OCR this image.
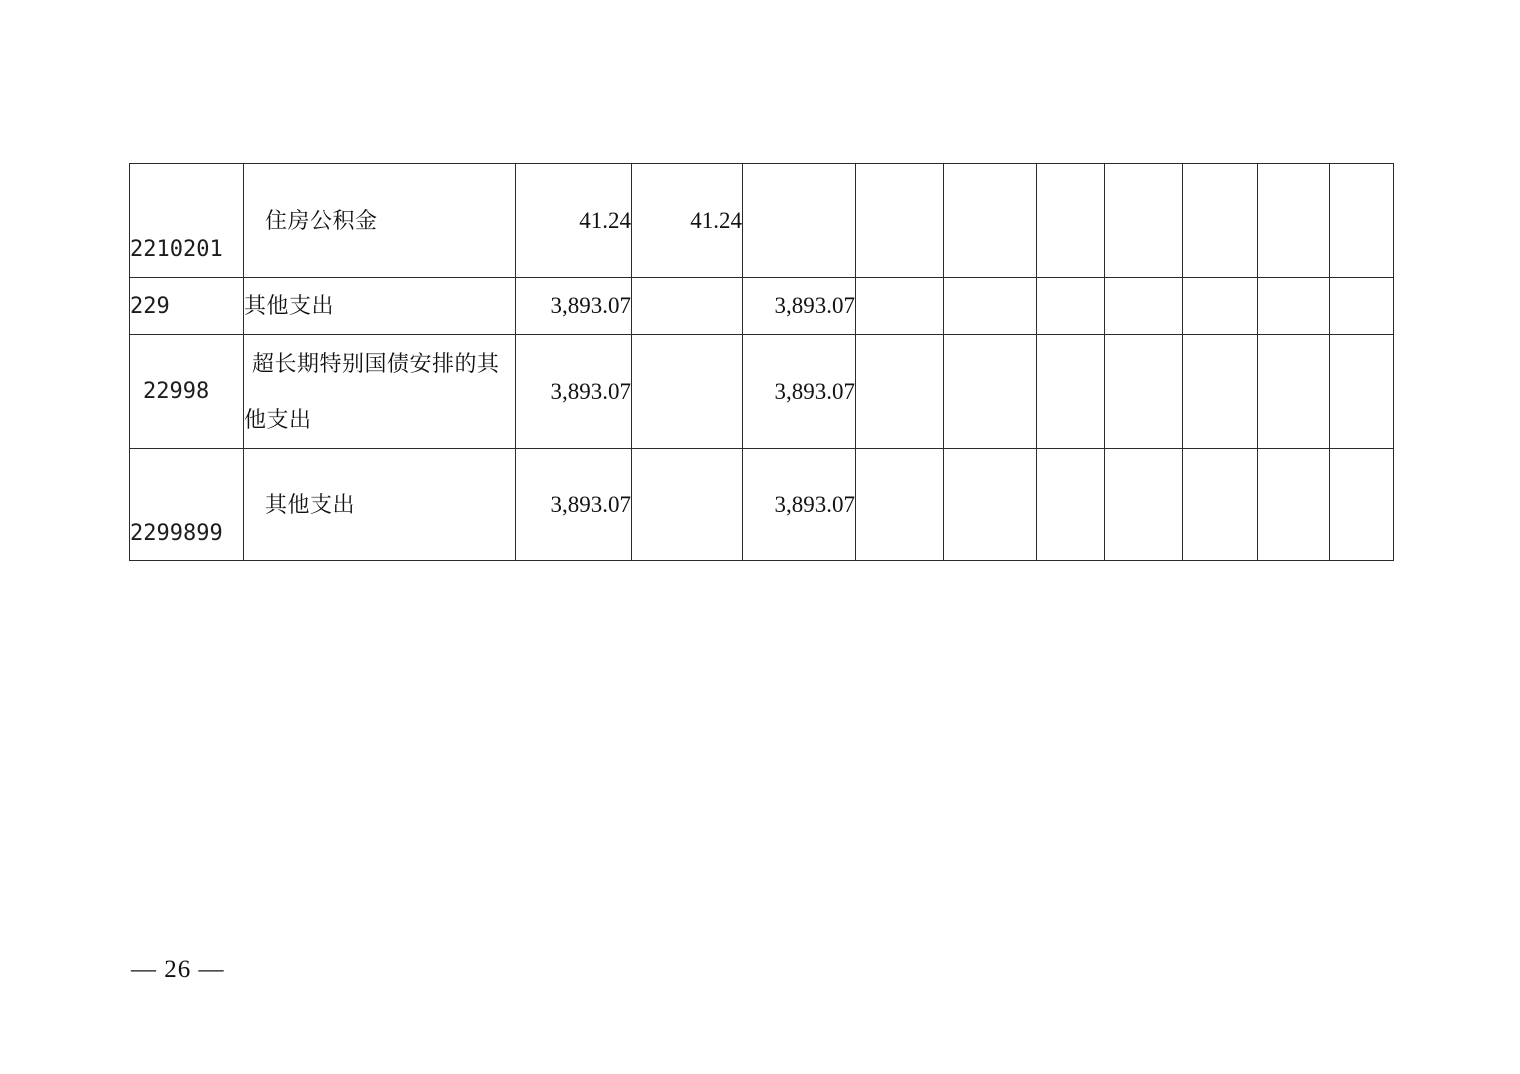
2210201	住房公积金	41.24	41.24								
229	其他支出	3,893.07		3,893.07							
22998	超长期特别国债安排的其他支出	3,893.07		3,893.07							

2299899	其他支出	3,893.07		3,893.07							
— 26 —
